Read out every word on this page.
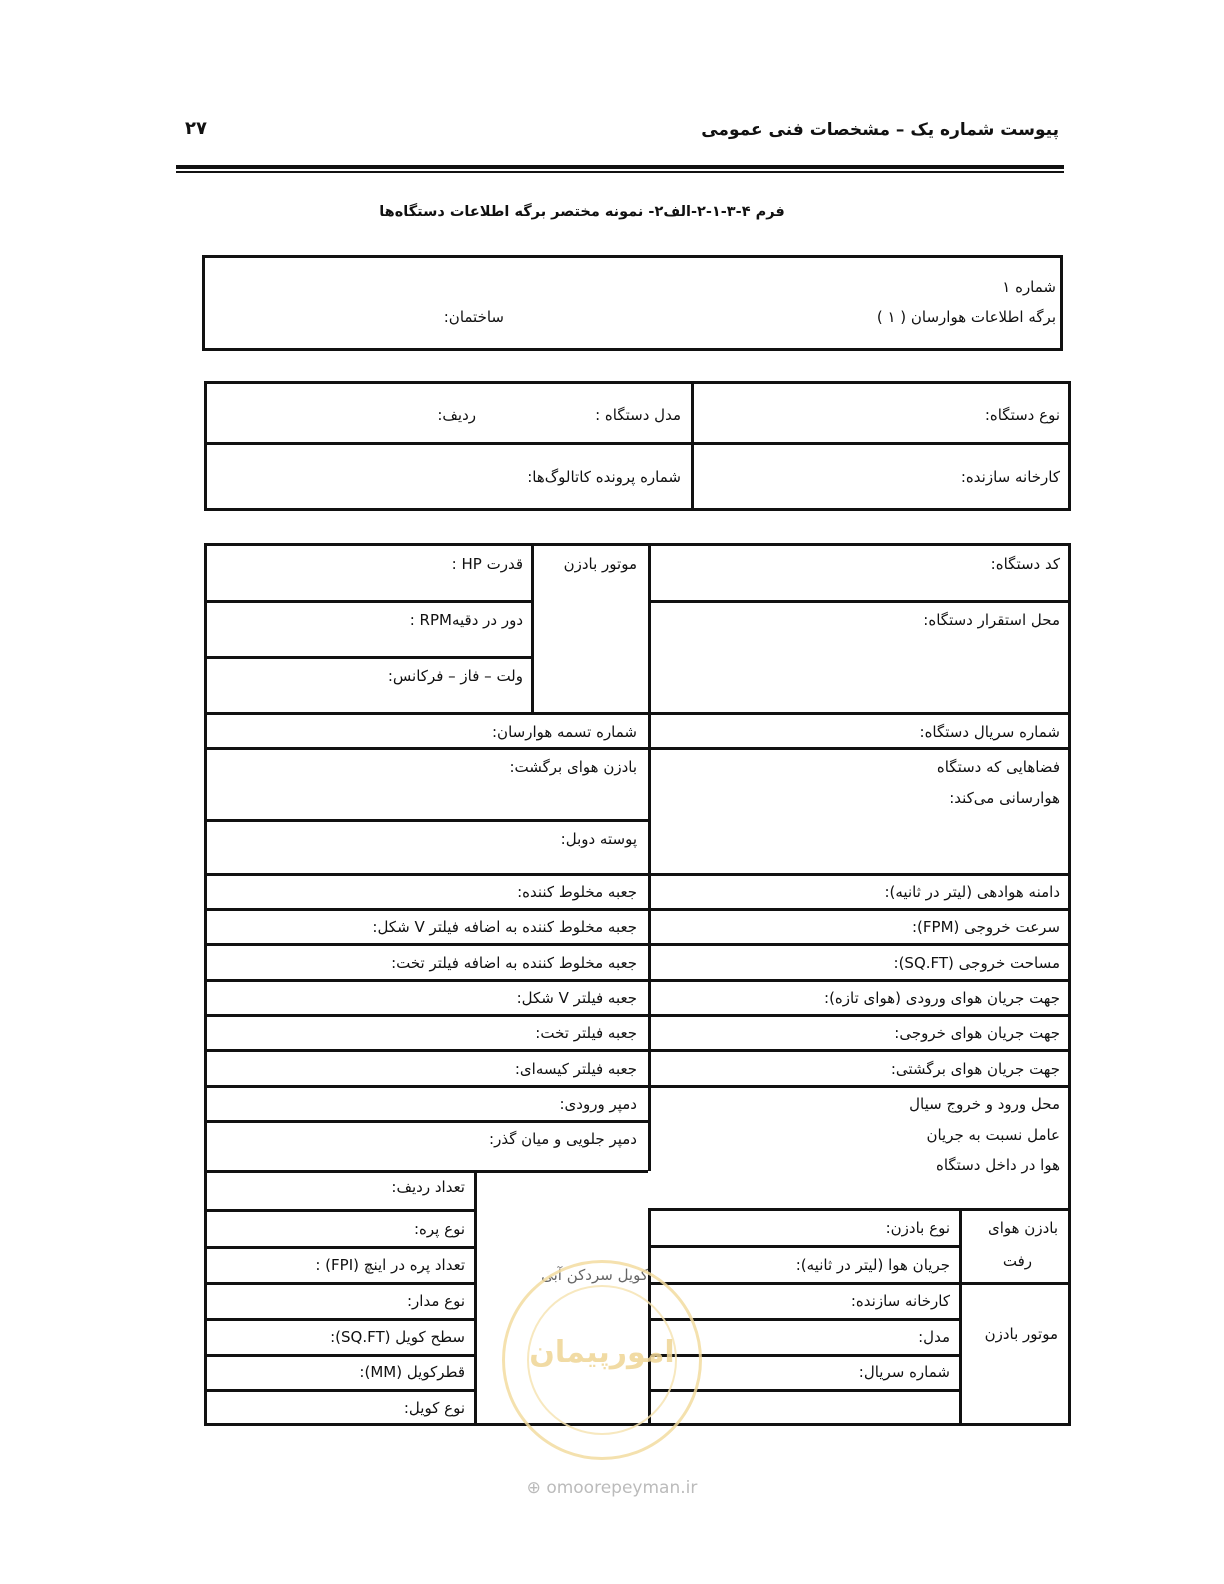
پیوست شماره یک – مشخصات فنی عمومی
۲۷
فرم ۴-۳-۱-۲-الف۲- نمونه مختصر برگه اطلاعات دستگاه‌ها
شماره ۱
برگه اطلاعات هوارسان ( ۱ )
ساختمان:
نوع دستگاه:
مدل دستگاه :
ردیف:
کارخانه سازنده:
شماره پرونده کاتالوگ‌ها:
کد دستگاه:
محل استقرار دستگاه:
شماره سریال دستگاه:
فضاهایی که دستگاه
هوارسانی می‌کند:
دامنه هوادهی (لیتر در ثانیه):
سرعت خروجی (FPM):
مساحت خروجی (SQ.FT):
جهت جریان هوای ورودی (هوای تازه):
جهت جریان هوای خروجی:
جهت جریان هوای برگشتی:
محل ورود و خروج سیال
عامل نسبت به جریان
هوا در داخل دستگاه
بادزن هوای
رفت
موتور بادزن
نوع بادزن:
جریان هوا (لیتر در ثانیه):
کارخانه سازنده:
مدل:
شماره سریال:
موتور بادزن
شماره تسمه هوارسان:
بادزن هوای برگشت:
پوسته دوبل:
جعبه مخلوط کننده:
جعبه مخلوط کننده به اضافه فیلتر V شکل:
جعبه مخلوط کننده به اضافه فیلتر تخت:
جعبه فیلتر V شکل:
جعبه فیلتر تخت:
جعبه فیلتر کیسه‌ای:
دمپر ورودی:
دمپر جلویی و میان گذر:
کویل سردکن آبی
قدرت HP :
دور در دقیهRPM :
ولت – فاز – فرکانس:
تعداد ردیف:
نوع پره:
تعداد پره در اینچ (FPI) :
نوع مدار:
سطح کویل (SQ.FT):
قطرکویل (MM):
نوع کویل:
امورپیمان
⊕ omoorepeyman.ir
